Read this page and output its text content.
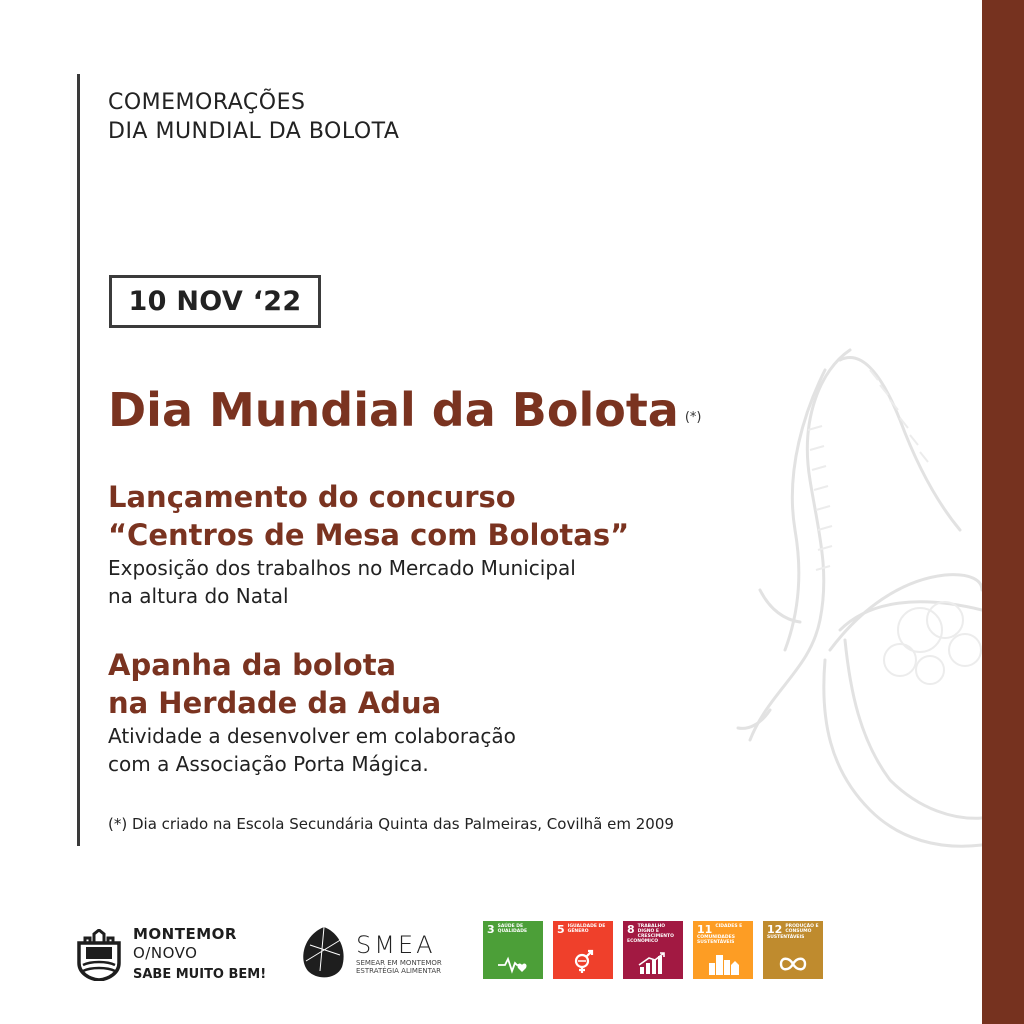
COMEMORAÇÕES
DIA MUNDIAL DA BOLOTA
10 NOV ‘22
Dia Mundial da Bolota (*)
Lançamento do concurso
“Centros de Mesa com Bolotas”
Exposição dos trabalhos no Mercado Municipal
na altura do Natal
Apanha da bolota
na Herdade da Adua
Atividade a desenvolver em colaboração
com a Associação Porta Mágica.
(*) Dia criado na Escola Secundária Quinta das Palmeiras, Covilhã em 2009
MONTEMOR
O/NOVO
SABE MUITO BEM!
SMEA
SEMEAR EM MONTEMOR
ESTRATÉGIA ALIMENTAR
3 SAÚDE DE QUALIDADE	5 IGUALDADE DE GÉNERO	8 TRABALHO DIGNO E CRESCIMENTO ECONÓMICO
11 CIDADES E COMUNIDADES SUSTENTÁVEIS
12 PRODUÇÃO E CONSUMO SUSTENTÁVEIS
